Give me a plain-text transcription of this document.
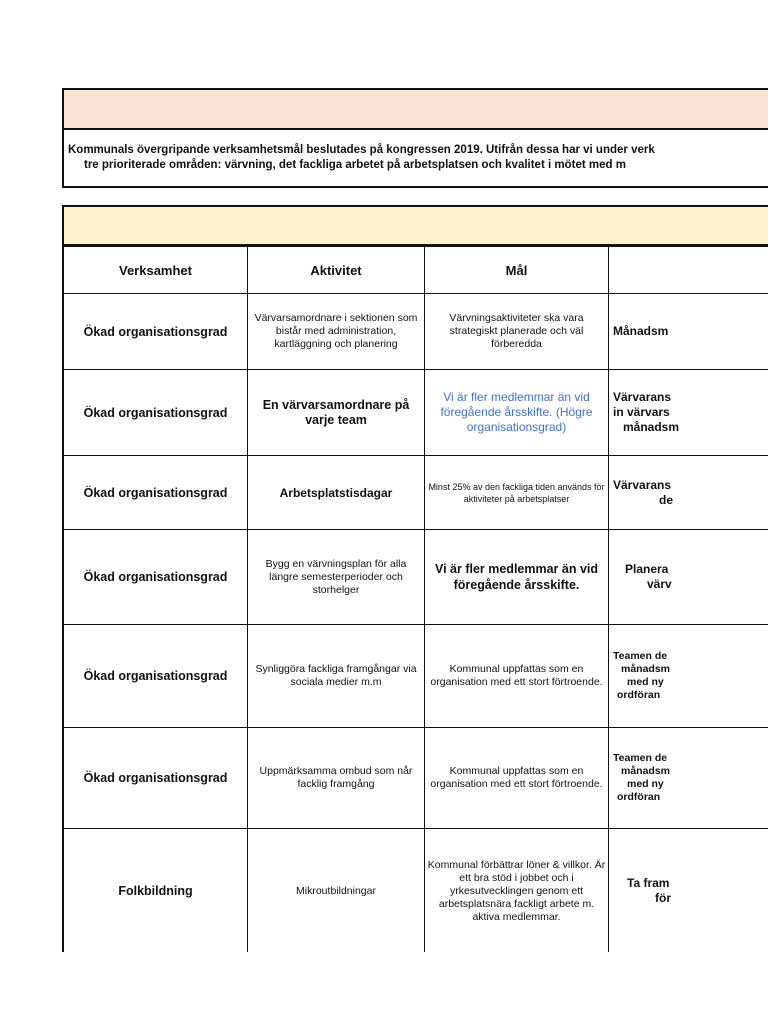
Kommunals övergripande verksamhetsmål beslutades på kongressen 2019. Utifrån dessa har vi under verk
tre prioriterade områden: värvning, det fackliga arbetet på arbetsplatsen och kvalitet i mötet med m
Verksamhet	Aktivitet	Mål	
Ökad organisationsgrad	Värvarsamordnare i sektionen som bistår med administration, kartläggning och planering	Värvningsaktiviteter ska vara strategiskt planerade och väl förberedda	Månadsm

Ökad organisationsgrad	En värvarsamordnare på varje team	Vi är fler medlemmar än vid föregående årsskifte. (Högre organisationsgrad)	Värvarans
in värvars
månadsm

Ökad organisationsgrad	Arbetsplatstisdagar	Minst 25% av den fackliga tiden används för aktiviteter på arbetsplatser	Värvarans
de

Ökad organisationsgrad	Bygg en värvningsplan för alla längre semesterperioder och storhelger	Vi är fler medlemmar än vid föregående årsskifte.	Planera
värv

Ökad organisationsgrad	Synliggöra fackliga framgångar via sociala medier m.m	Kommunal uppfattas som en organisation med ett stort förtroende.	Teamen de
månadsm
med ny
ordföran

Ökad organisationsgrad	Uppmärksamma ombud som når facklig framgång	Kommunal uppfattas som en organisation med ett stort förtroende.	Teamen de
månadsm
med ny
ordföran

Folkbildning	Mikroutbildningar	Kommunal förbättrar löner & villkor. Är ett bra stöd i jobbet och i yrkesutvecklingen genom ett arbetsplatsnära fackligt arbete m. aktiva medlemmar.	Ta fram
för
